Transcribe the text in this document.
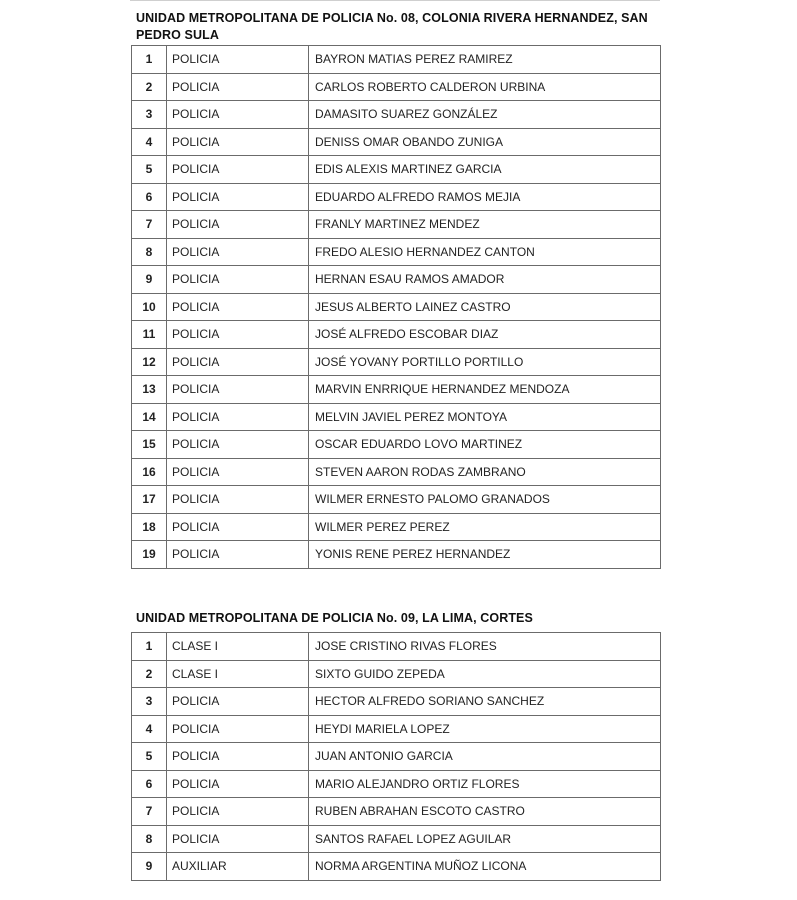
UNIDAD METROPOLITANA DE POLICIA No. 08, COLONIA RIVERA HERNANDEZ, SAN PEDRO SULA
1	POLICIA	BAYRON MATIAS PEREZ RAMIREZ
2	POLICIA	CARLOS ROBERTO CALDERON URBINA
3	POLICIA	DAMASITO SUAREZ GONZÁLEZ
4	POLICIA	DENISS OMAR OBANDO ZUNIGA
5	POLICIA	EDIS ALEXIS MARTINEZ GARCIA
6	POLICIA	EDUARDO ALFREDO RAMOS MEJIA
7	POLICIA	FRANLY MARTINEZ MENDEZ
8	POLICIA	FREDO ALESIO HERNANDEZ CANTON
9	POLICIA	HERNAN ESAU RAMOS AMADOR
10	POLICIA	JESUS ALBERTO LAINEZ CASTRO
11	POLICIA	JOSÉ ALFREDO ESCOBAR DIAZ
12	POLICIA	JOSÉ YOVANY PORTILLO PORTILLO
13	POLICIA	MARVIN ENRRIQUE HERNANDEZ MENDOZA
14	POLICIA	MELVIN JAVIEL PEREZ MONTOYA
15	POLICIA	OSCAR EDUARDO LOVO MARTINEZ
16	POLICIA	STEVEN AARON RODAS ZAMBRANO
17	POLICIA	WILMER ERNESTO PALOMO GRANADOS
18	POLICIA	WILMER PEREZ PEREZ
19	POLICIA	YONIS RENE PEREZ HERNANDEZ
UNIDAD METROPOLITANA DE POLICIA No. 09, LA LIMA, CORTES
1	CLASE I	JOSE CRISTINO RIVAS FLORES
2	CLASE I	SIXTO GUIDO ZEPEDA
3	POLICIA	HECTOR ALFREDO SORIANO SANCHEZ
4	POLICIA	HEYDI MARIELA LOPEZ
5	POLICIA	JUAN ANTONIO GARCIA
6	POLICIA	MARIO ALEJANDRO ORTIZ FLORES
7	POLICIA	RUBEN ABRAHAN ESCOTO CASTRO
8	POLICIA	SANTOS RAFAEL LOPEZ AGUILAR
9	AUXILIAR	NORMA ARGENTINA MUÑOZ LICONA
